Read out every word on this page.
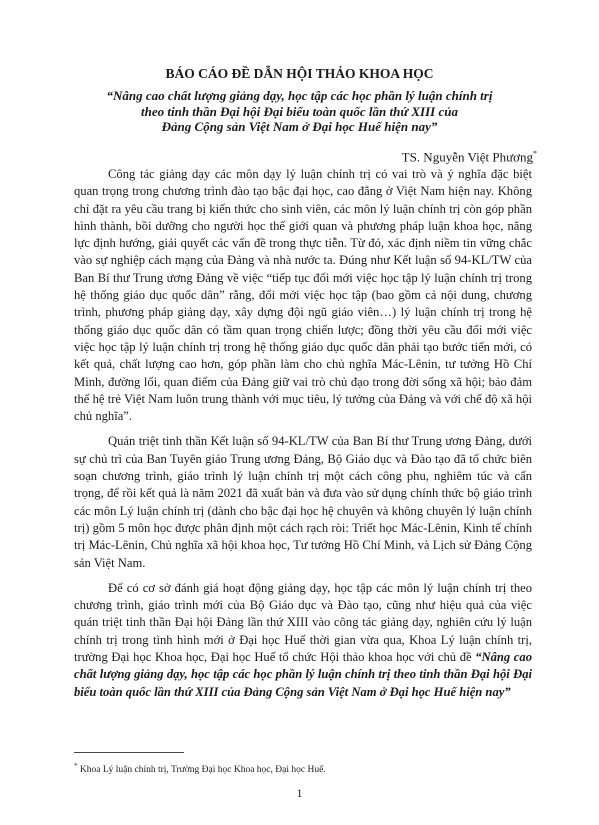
BÁO CÁO ĐỀ DẪN HỘI THẢO KHOA HỌC
“Nâng cao chất lượng giảng dạy, học tập các học phần lý luận chính trị
theo tinh thần Đại hội Đại biểu toàn quốc lần thứ XIII của
Đảng Cộng sản Việt Nam ở Đại học Huế hiện nay”
TS. Nguyễn Việt Phương*

Công tác giảng dạy các môn dạy lý luận chính trị có vai trò và ý nghĩa đặc biệt quan trọng trong chương trình đào tạo bậc đại học, cao đẳng ở Việt Nam hiện nay. Không chỉ đặt ra yêu cầu trang bị kiến thức cho sinh viên, các môn lý luận chính trị còn góp phần hình thành, bồi dưỡng cho người học thế giới quan và phương pháp luận khoa học, năng lực định hướng, giải quyết các vấn đề trong thực tiễn. Từ đó, xác định niềm tin vững chắc vào sự nghiệp cách mạng của Đảng và nhà nước ta. Đúng như Kết luận số 94-KL/TW của Ban Bí thư Trung ương Đảng về việc “tiếp tục đổi mới việc học tập lý luận chính trị trong hệ thống giáo dục quốc dân” rằng, đổi mới việc học tập (bao gồm cả nội dung, chương trình, phương pháp giảng dạy, xây dựng đội ngũ giáo viên…) lý luận chính trị trong hệ thống giáo dục quốc dân có tầm quan trọng chiến lược; đồng thời yêu cầu đổi mới việc việc học tập lý luận chính trị trong hệ thống giáo dục quốc dân phải tạo bước tiến mới, có kết quả, chất lượng cao hơn, góp phần làm cho chủ nghĩa Mác-Lênin, tư tưởng Hồ Chí Minh, đường lối, quan điểm của Đảng giữ vai trò chủ đạo trong đời sống xã hội; bảo đảm thế hệ trẻ Việt Nam luôn trung thành với mục tiêu, lý tưởng của Đảng và với chế độ xã hội chủ nghĩa”.

Quán triệt tinh thần Kết luận số 94-KL/TW của Ban Bí thư Trung ương Đảng, dưới sự chủ trì của Ban Tuyên giáo Trung ương Đảng, Bộ Giáo dục và Đào tạo đã tổ chức biên soạn chương trình, giáo trình lý luận chính trị một cách công phu, nghiêm túc và cẩn trọng, để rồi kết quả là năm 2021 đã xuất bản và đưa vào sử dụng chính thức bộ giáo trình các môn Lý luận chính trị (dành cho bậc đại học hệ chuyên và không chuyên lý luận chính trị) gồm 5 môn học được phân định một cách rạch ròi: Triết học Mác-Lênin, Kinh tế chính trị Mác-Lênin, Chủ nghĩa xã hội khoa học, Tư tưởng Hồ Chí Minh, và Lịch sử Đảng Cộng sản Việt Nam.

Để có cơ sở đánh giá hoạt động giảng dạy, học tập các môn lý luận chính trị theo chương trình, giáo trình mới của Bộ Giáo dục và Đào tạo, cũng như hiệu quả của việc quán triệt tinh thần Đại hội Đảng lần thứ XIII vào công tác giảng dạy, nghiên cứu lý luận chính trị trong tình hình mới ở Đại học Huế thời gian vừa qua, Khoa Lý luận chính trị, trường Đại học Khoa học, Đại học Huế tổ chức Hội thảo khoa học với chủ đề “Nâng cao chất lượng giảng dạy, học tập các học phần lý luận chính trị theo tinh thần Đại hội Đại biểu toàn quốc lần thứ XIII của Đảng Cộng sản Việt Nam ở Đại học Huế hiện nay”

* Khoa Lý luận chính trị, Trường Đại học Khoa học, Đại học Huế.
1
